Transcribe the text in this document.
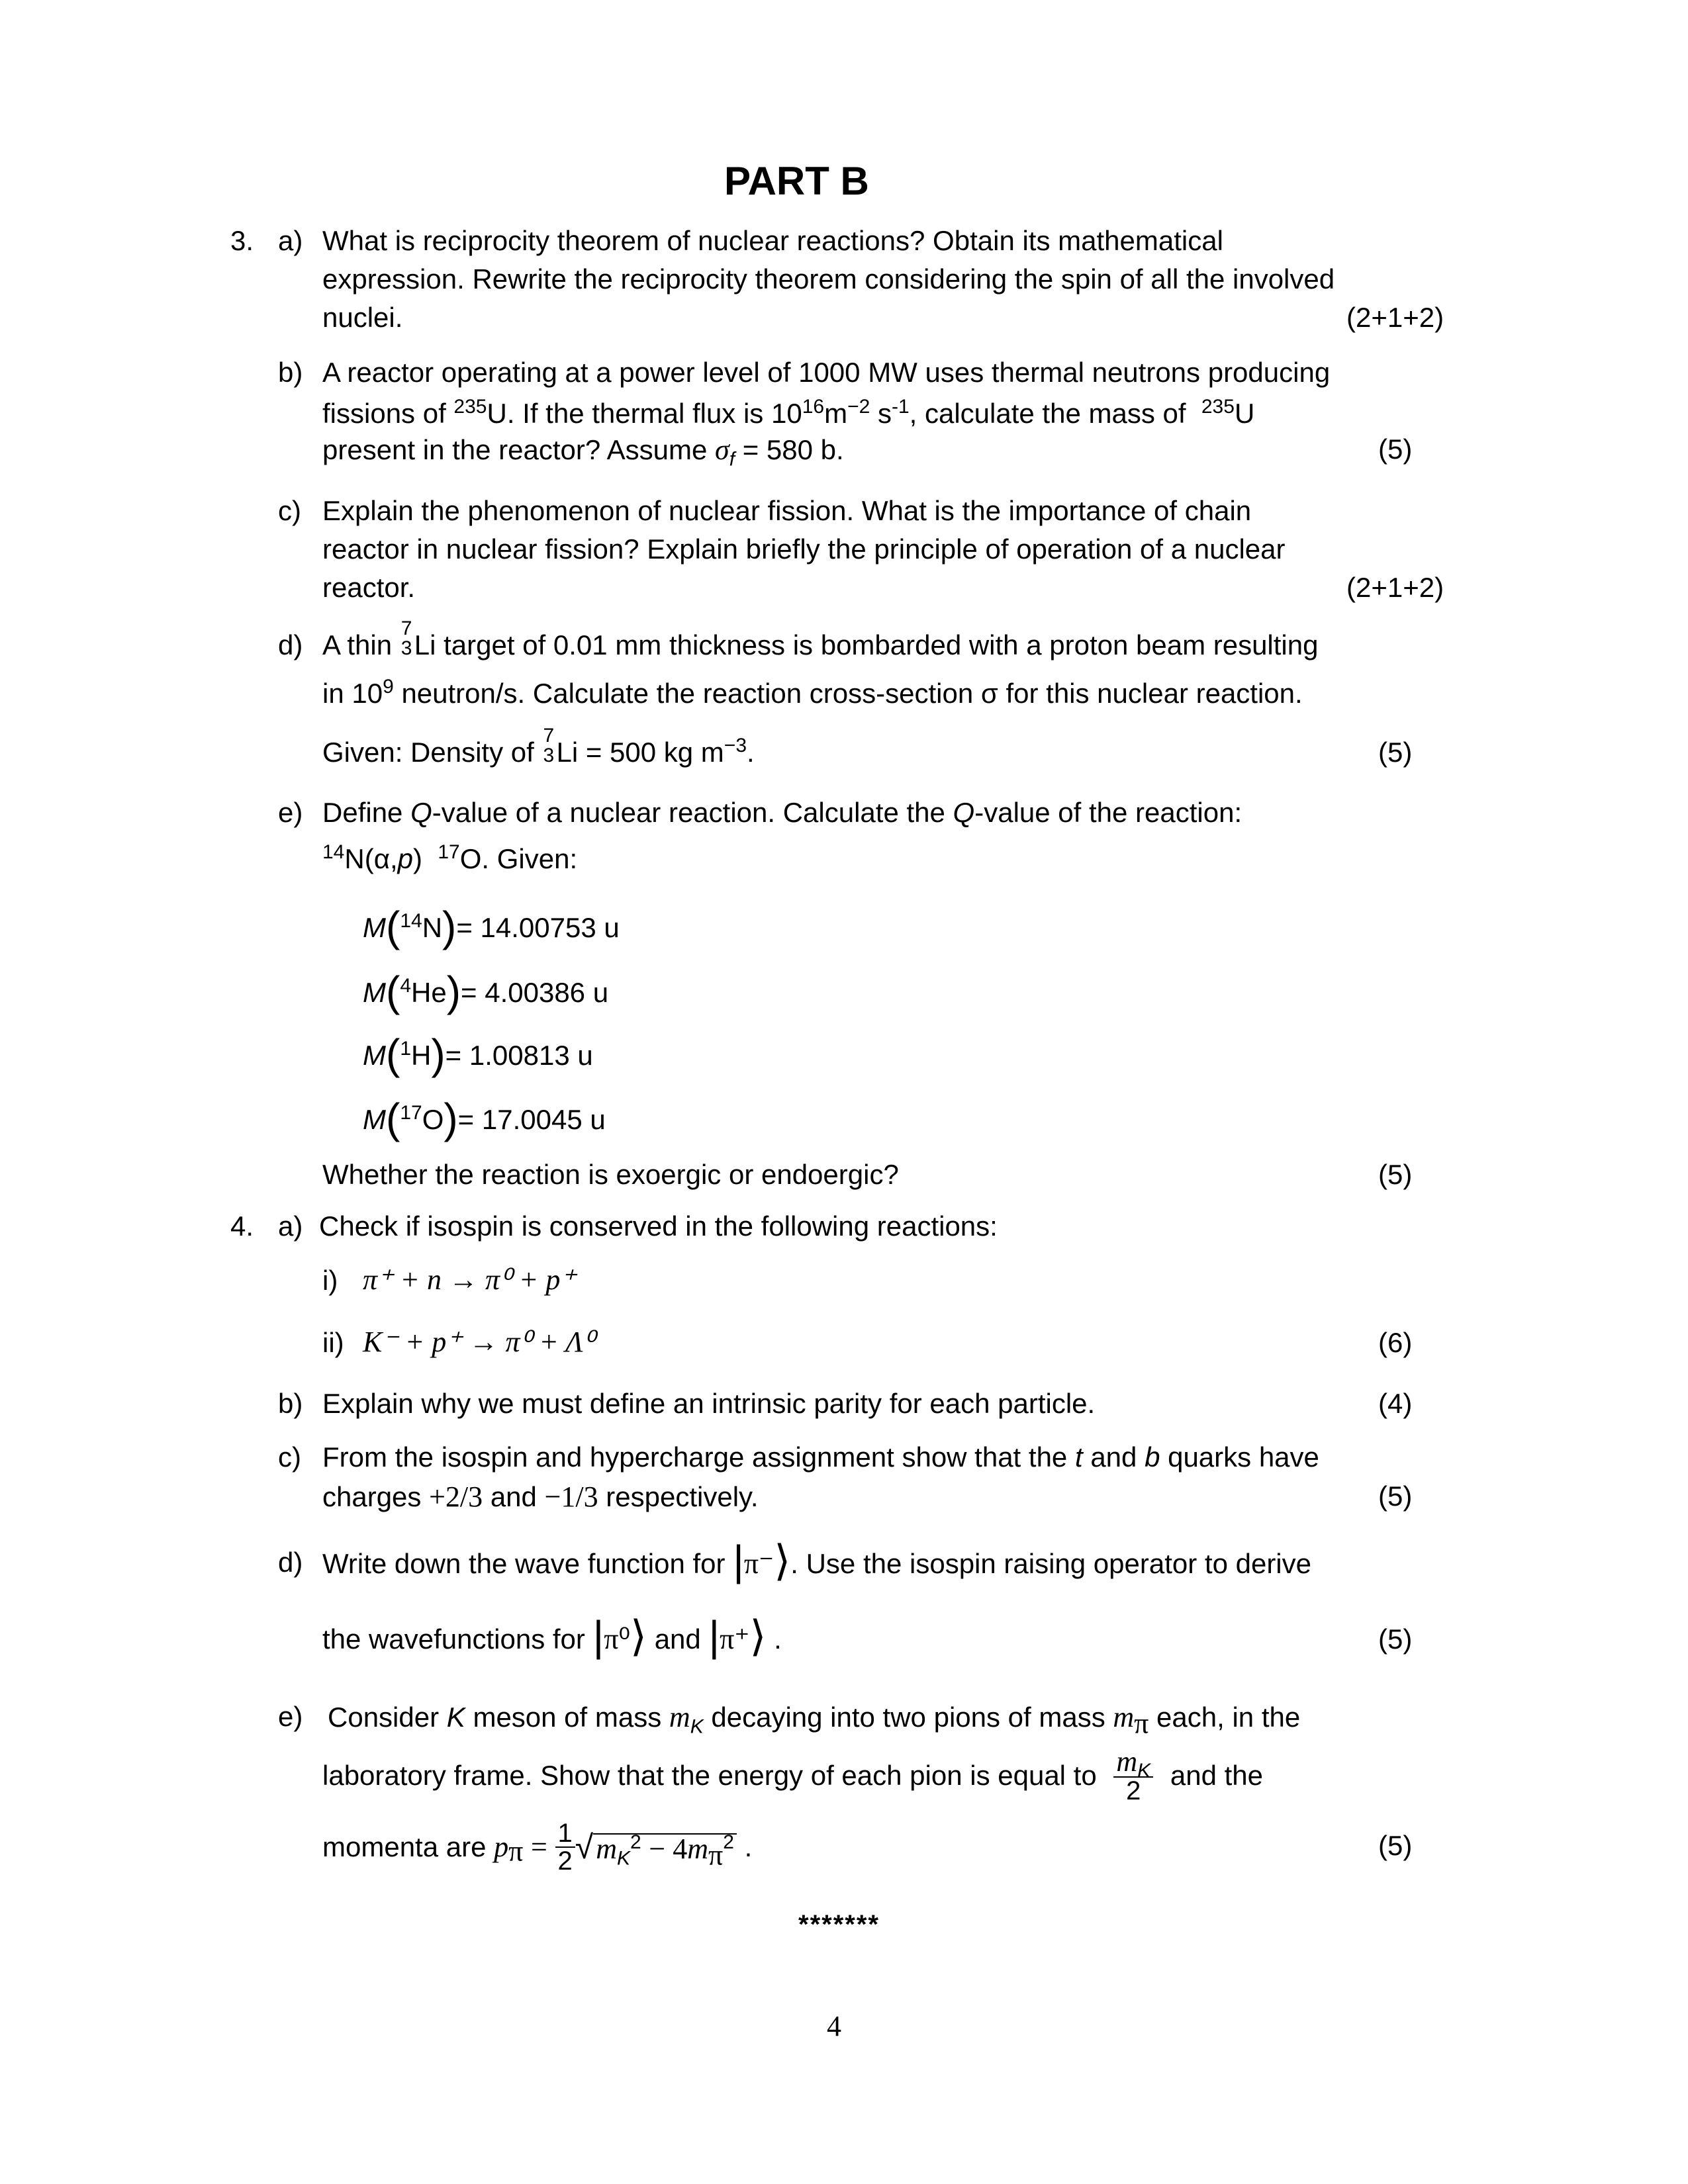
PART B
3. a) What is reciprocity theorem of nuclear reactions? Obtain its mathematical
expression. Rewrite the reciprocity theorem considering the spin of all the involved
nuclei.	(2+1+2)
b) A reactor operating at a power level of 1000 MW uses thermal neutrons producing
fissions of $^{235}$U. If the thermal flux is $10^{16}m^{-2}$ $s^{-1}$, calculate the mass of $^{235}$U
present in the reactor? Assume $\sigma_f = 580$ b.	(5)
c) Explain the phenomenon of nuclear fission. What is the importance of chain
reactor in nuclear fission? Explain briefly the principle of operation of a nuclear
reactor.	(2+1+2)
d) A thin
7
3 Li target of 0.01 mm thickness is bombarded with a proton beam resulting
in $10^9$ neutron/s. Calculate the reaction cross-section σ for this nuclear reaction.
Given: Density of
7
3 Li = 500 kg $m^{-3}$.	(5)
e) Define Q-value of a nuclear reaction. Calculate the Q-value of the reaction:
$^{14}$N(α,p) $^{17}$O. Given:
M($^{14}$N)= 14.00753 u
M($^4$He)= 4.00386 u
M($^1$H)= 1.00813 u
M($^{17}$O)= 17.0045 u
Whether the reaction is exoergic or endoergic?	(5)
4. a) Check if isospin is conserved in the following reactions:
i) π⁺ + n → π⁰ + p⁺
ii) K⁻ + p⁺ → π⁰ + Λ⁰	(6)
b) Explain why we must define an intrinsic parity for each particle.	(4)
c) From the isospin and hypercharge assignment show that the t and b quarks have
charges +2/3 and −1/3 respectively.	(5)
d) Write down the wave function for |π⁻⟩. Use the isospin raising operator to derive
the wavefunctions for |π⁰⟩ and |π⁺⟩ .	(5)
e) Consider K meson of mass $m_K$ decaying into two pions of mass $m_\pi$ each, in the
laboratory frame. Show that the energy of each pion is equal to $\frac{m_K}{2}$ and the
momenta are $p_\pi = \frac{1}{2} √m_K^2 - 4m_\pi^2$ .	(5)
*******
4
